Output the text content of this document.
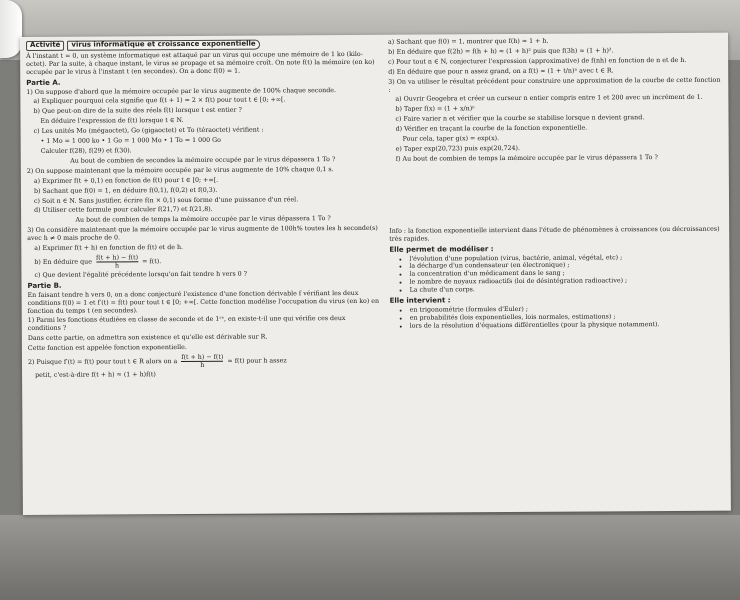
Activité virus informatique et croissance exponentielle

À l'instant t = 0, un système informatique est attaqué par un virus qui occupe une mémoire de 1 ko (kilo-octet). Par la suite, à chaque instant, le virus se propage et sa mémoire croît. On note f(t) la mémoire (en ko) occupée par le virus à l'instant t (en secondes). On a donc f(0) = 1.

Partie A.

1) On suppose d'abord que la mémoire occupée par le virus augmente de 100% chaque seconde.

a) Expliquer pourquoi cela signifie que f(t + 1) = 2 × f(t) pour tout t ∈ [0; +∞[.

b) Que peut-on dire de la suite des réels f(t) lorsque t est entier ?

En déduire l'expression de f(t) lorsque t ∈ N.

c) Les unités Mo (mégaoctet), Go (gigaoctet) et To (téraoctet) vérifient :

• 1 Mo = 1 000 ko • 1 Go = 1 000 Mo • 1 To = 1 000 Go

Calculer f(28), f(29) et f(30).

Au bout de combien de secondes la mémoire occupée par le virus dépassera 1 To ?

2) On suppose maintenant que la mémoire occupée par le virus augmente de 10% chaque 0,1 s.

a) Exprimer f(t + 0,1) en fonction de f(t) pour t ∈ [0; +∞[.

b) Sachant que f(0) = 1, en déduire f(0,1), f(0,2) et f(0,3).

c) Soit n ∈ N. Sans justifier, écrire f(n × 0,1) sous forme d'une puissance d'un réel.

d) Utiliser cette formule pour calculer f(21,7) et f(21,8).

Au bout de combien de temps la mémoire occupée par le virus dépassera 1 To ?

3) On considère maintenant que la mémoire occupée par le virus augmente de 100h% toutes les h seconde(s) avec h ≠ 0 mais proche de 0.

a) Exprimer f(t + h) en fonction de f(t) et de h.

b) En déduire que $\frac{f(t + h) - f(t)}{h} = f(t)$.

c) Que devient l'égalité précédente lorsqu'on fait tendre h vers 0 ?

Partie B.

En faisant tendre h vers 0, on a donc conjecturé l'existence d'une fonction dérivable f vérifiant les deux conditions f(0) = 1 et f′(t) = f(t) pour tout t ∈ [0; +∞[. Cette fonction modélise l'occupation du virus (en ko) en fonction du temps t (en secondes).

1) Parmi les fonctions étudiées en classe de seconde et de 1ʳᵉ, en existe-t-il une qui vérifie ces deux conditions ?

Dans cette partie, on admettra son existence et qu'elle est dérivable sur R.

Cette fonction est appelée fonction exponentielle.

2) Puisque f′(t) = f(t) pour tout t ∈ R alors on a $\frac{f(t + h) - f(t)}{h} \approx f(t)$ pour h assez

petit, c'est-à-dire f(t + h) ≈ (1 + h)f(t)

a) Sachant que f(0) = 1, montrer que f(h) ≈ 1 + h.

b) En déduire que f(2h) = f(h + h) ≈ (1 + h)² puis que f(3h) ≈ (1 + h)³.

c) Pour tout n ∈ N, conjecturer l'expression (approximative) de f(nh) en fonction de n et de h.

d) En déduire que pour n assez grand, on a f(t) ≈ (1 + t/n)ⁿ avec t ∈ R.

3) On va utiliser le résultat précédent pour construire une approximation de la courbe de cette fonction :

a) Ouvrir Geogebra et créer un curseur n entier compris entre 1 et 200 avec un incrément de 1.

b) Taper f(x) = (1 + x/n)ⁿ

c) Faire varier n et vérifier que la courbe se stabilise lorsque n devient grand.

d) Vérifier en traçant la courbe de la fonction exponentielle.

Pour cela, taper g(x) = exp(x).

e) Taper exp(20,723) puis exp(20,724).

f) Au bout de combien de temps la mémoire occupée par le virus dépassera 1 To ?

Info : la fonction exponentielle intervient dans l'étude de phénomènes à croissances (ou décroissances) très rapides.

Elle permet de modéliser :
• l'évolution d'une population (virus, bactérie, animal, végétal, etc) ;
• la décharge d'un condensateur (en électronique) ;
• la concentration d'un médicament dans le sang ;
• le nombre de noyaux radioactifs (loi de désintégration radioactive) ;
• La chute d'un corps.
Elle intervient :
• en trigonométrie (formules d'Euler) ;
• en probabilités (lois exponentielles, lois normales, estimations) ;
• lors de la résolution d'équations différentielles (pour la physique notamment).
